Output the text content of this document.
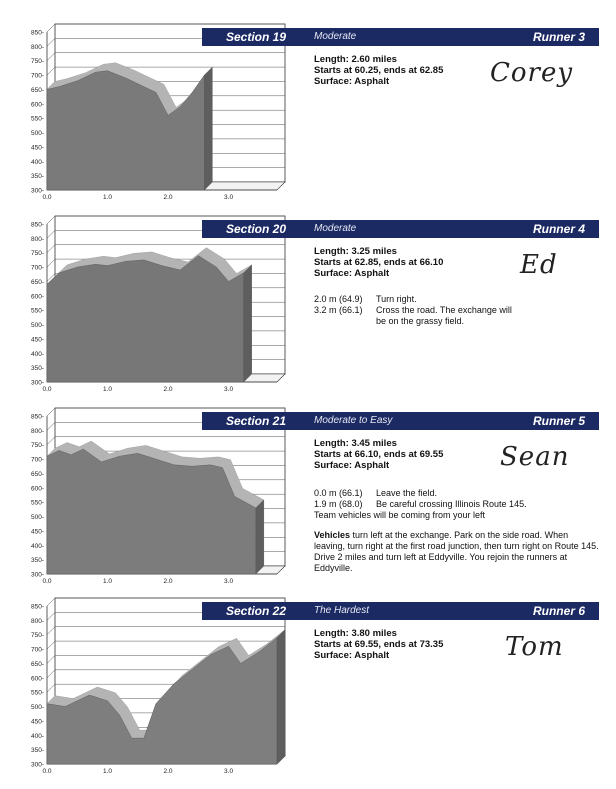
300-
350-
400-
450-
500-
550-
600-
650-
700-
750-
800-
850-
0.0	1.0	2.0	3.0
Section 19	Moderate	Runner 3
Length: 2.60 miles
Starts at 60.25, ends at 62.85
Surface: Asphalt	Corey
300-
350-
400-
450-
500-
550-
600-
650-
700-
750-
800-
850-
0.0	1.0	2.0	3.0
Section 20	Moderate	Runner 4
Length: 3.25 miles
Starts at 62.85, ends at 66.10
Surface: Asphalt	Ed
2.0 m (64.9)	Turn right.
3.2 m (66.1)	Cross the road. The exchange will be on the grassy field.
300-
350-
400-
450-
500-
550-
600-
650-
700-
750-
800-
850-
0.0	1.0	2.0	3.0
Section 21	Moderate to Easy	Runner 5
Length: 3.45 miles
Starts at 66.10, ends at 69.55
Surface: Asphalt	Sean
0.0 m (66.1)	Leave the field.
1.9 m (68.0)	Be careful crossing Illinois Route 145.
Team vehicles will be coming from your left
Vehicles turn left at the exchange. Park on the side road. When leaving, turn right at the first road junction, then turn right on Route 145. Drive 2 miles and turn left at Eddyville. You rejoin the runners at Eddyville.
300-
350-
400-
450-
500-
550-
600-
650-
700-
750-
800-
850-
0.0	1.0	2.0	3.0
Section 22	The Hardest	Runner 6
Length: 3.80 miles
Starts at 69.55, ends at 73.35
Surface: Asphalt	Tom
